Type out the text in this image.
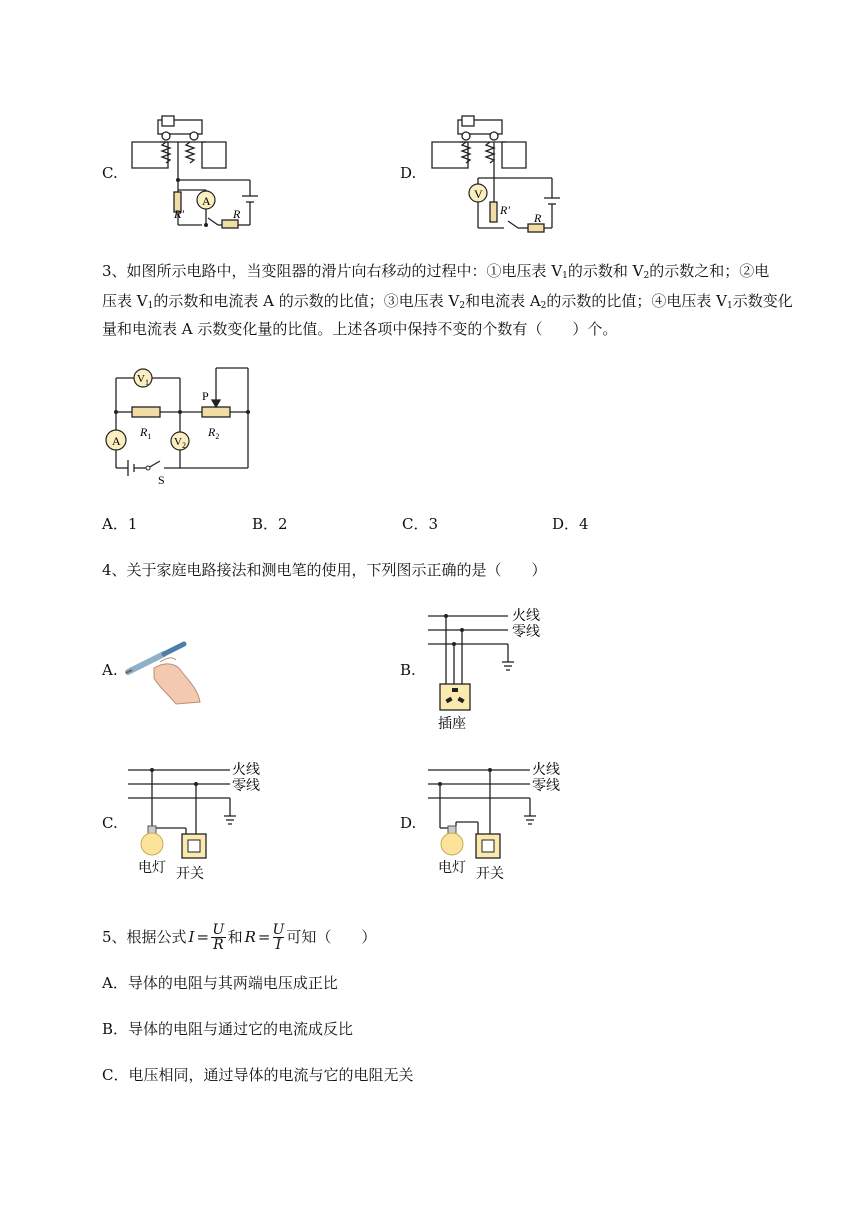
C.
A
R'	R
D.
V
R'
R
3、如图所示电路中，当变阻器的滑片向右移动的过程中：①电压表 $V_1$的示数和 $V_2$的示数之和；②电
压表 $V_1$的示数和电流表 A 的示数的比值；③电压表 $V_2$和电流表 $A_2$的示数的比值；④电压表 $V_1$示数变化
量和电流表 A 示数变化量的比值。上述各项中保持不变的个数有（　　）个。
$V_1$
$V_2$
A
P
$R_1$	$R_2$
S
A．1	B．2	C．3	D．4
4、关于家庭电路接法和测电笔的使用，下列图示正确的是（　　）
A.	B.
火线
零线
插座
C.
火线
零线
电灯 开关
D.
火线
零线
电灯 开关
5、根据公式 $I = \frac{U}{R}$ 和 $R = \frac{U}{I}$ 可知（　　）
A．导体的电阻与其两端电压成正比
B．导体的电阻与通过它的电流成反比
C．电压相同，通过导体的电流与它的电阻无关
